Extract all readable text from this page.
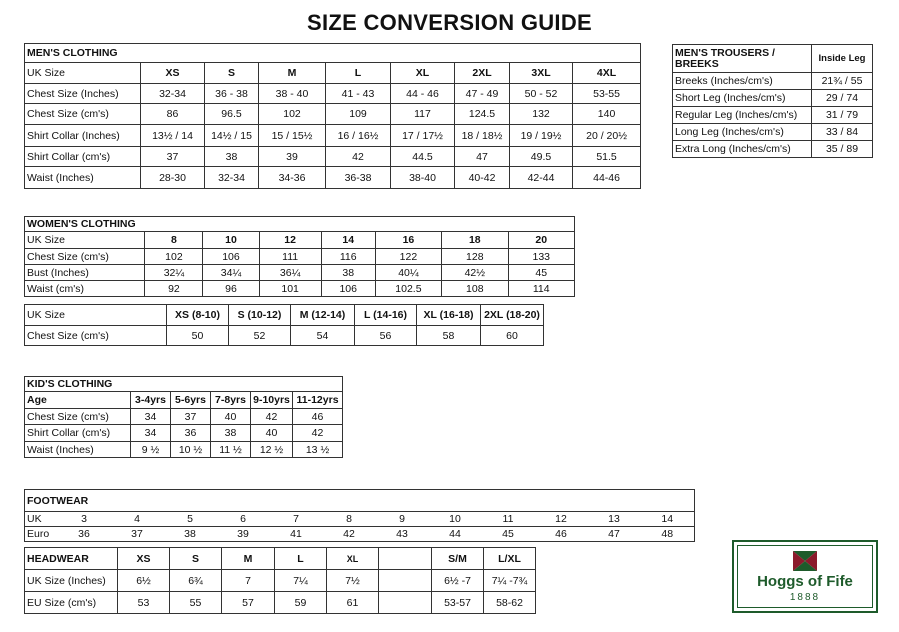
SIZE CONVERSION GUIDE
MEN'S CLOTHING								
UK Size	XS	S	M	L	XL	2XL	3XL	4XL
Chest Size (Inches)	32-34	36 - 38	38 - 40	41 - 43	44 - 46	47 - 49	50 - 52	53-55
Chest Size (cm's)	86	96.5	102	109	117	124.5	132	140
Shirt Collar (Inches)	13½ / 14	14½ / 15	15 / 15½	16 / 16½	17 / 17½	18 / 18½	19 / 19½	20 / 20½
Shirt Collar (cm's)	37	38	39	42	44.5	47	49.5	51.5
Waist (Inches)	28-30	32-34	34-36	36-38	38-40	40-42	42-44	44-46
MEN'S TROUSERS / BREEKS	Inside Leg
Breeks (Inches/cm's)	21¾ / 55
Short Leg (Inches/cm's)	29 / 74
Regular Leg (Inches/cm's)	31 / 79
Long Leg (Inches/cm's)	33 / 84
Extra Long (Inches/cm's)	35 / 89
WOMEN'S CLOTHING							
UK Size	8	10	12	14	16	18	20
Chest Size (cm's)	102	106	111	116	122	128	133
Bust (Inches)	32¼	34¼	36¼	38	40¼	42½	45
Waist (cm's)	92	96	101	106	102.5	108	114
UK Size	XS (8-10)	S (10-12)	M (12-14)	L (14-16)	XL (16-18)	2XL (18-20)
Chest Size (cm's)	50	52	54	56	58	60
KID'S CLOTHING					
Age	3-4yrs	5-6yrs	7-8yrs	9-10yrs	11-12yrs
Chest Size (cm's)	34	37	40	42	46
Shirt Collar (cm's)	34	36	38	40	42
Waist (Inches)	9 ½	10 ½	11 ½	12 ½	13 ½
FOOTWEAR												
UK	3	4	5	6	7	8	9	10	11	12	13	14
Euro	36	37	38	39	41	42	43	44	45	46	47	48
HEADWEAR	XS	S	M	L	XL		S/M	L/XL
UK Size (Inches)	6½	6¾	7	7¼	7½		6½ -7	7¼ -7¾
EU Size (cm's)	53	55	57	59	61		53-57	58-62
Hoggs of Fife
1888
